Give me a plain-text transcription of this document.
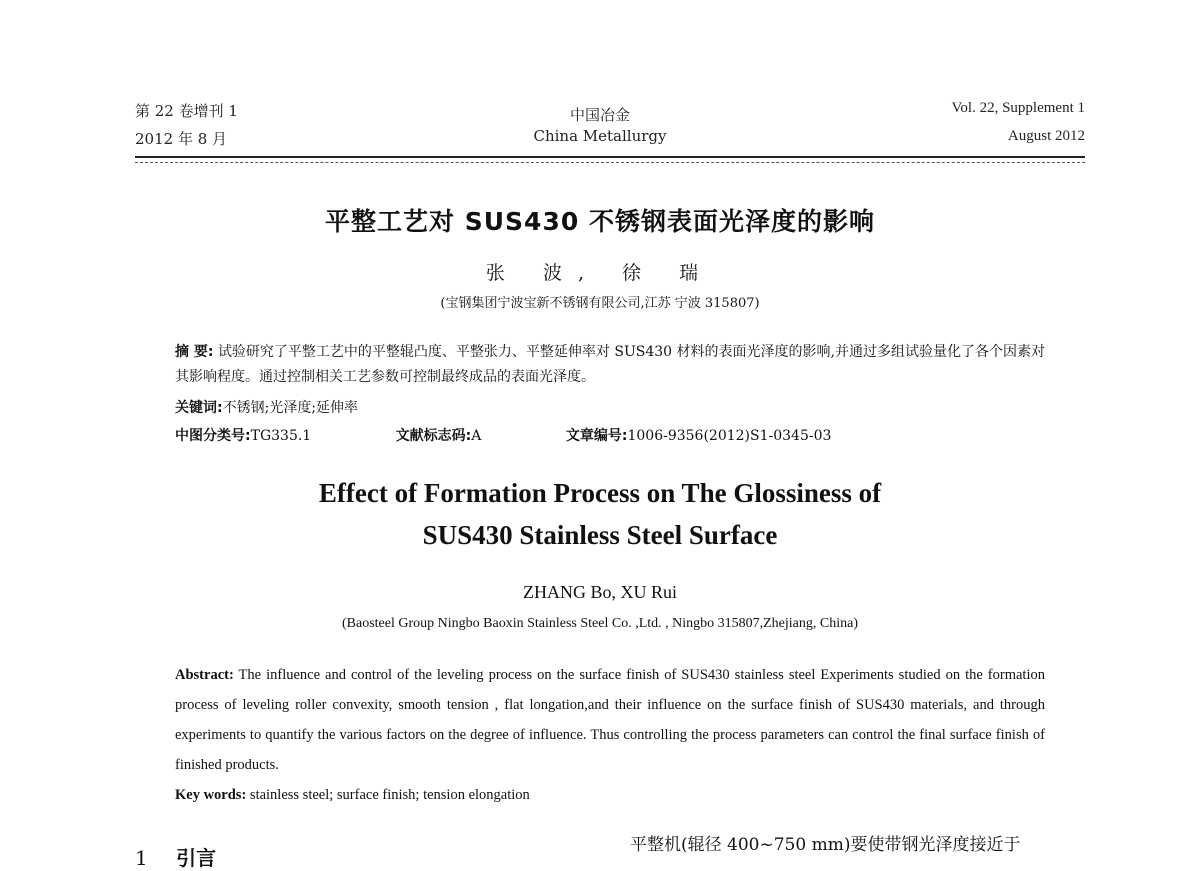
第 22 卷增刊 1
2012 年 8 月
中国冶金
China Metallurgy
Vol. 22, Supplement 1
August 2012
平整工艺对 SUS430 不锈钢表面光泽度的影响
张 波, 徐 瑞
(宝钢集团宁波宝新不锈钢有限公司,江苏 宁波 315807)
摘 要: 试验研究了平整工艺中的平整辊凸度、平整张力、平整延伸率对 SUS430 材料的表面光泽度的影响,并通过多组试验量化了各个因素对其影响程度。通过控制相关工艺参数可控制最终成品的表面光泽度。
关键词:不锈钢;光泽度;延伸率
中图分类号:TG335.1	文献标志码:A	文章编号:1006-9356(2012)S1-0345-03
Effect of Formation Process on The Glossiness of
SUS430 Stainless Steel Surface
ZHANG Bo, XU Rui
(Baosteel Group Ningbo Baoxin Stainless Steel Co. ,Ltd. , Ningbo 315807,Zhejiang, China)
Abstract: The influence and control of the leveling process on the surface finish of SUS430 stainless steel Experiments studied on the formation process of leveling roller convexity, smooth tension , flat longation,and their influence on the surface finish of SUS430 materials, and through experiments to quantify the various factors on the degree of influence. Thus controlling the process parameters can control the final surface finish of finished products.
Key words: stainless steel; surface finish; tension elongation
1 引言
平整机(辊径 400~750 mm)要使带钢光泽度接近于
